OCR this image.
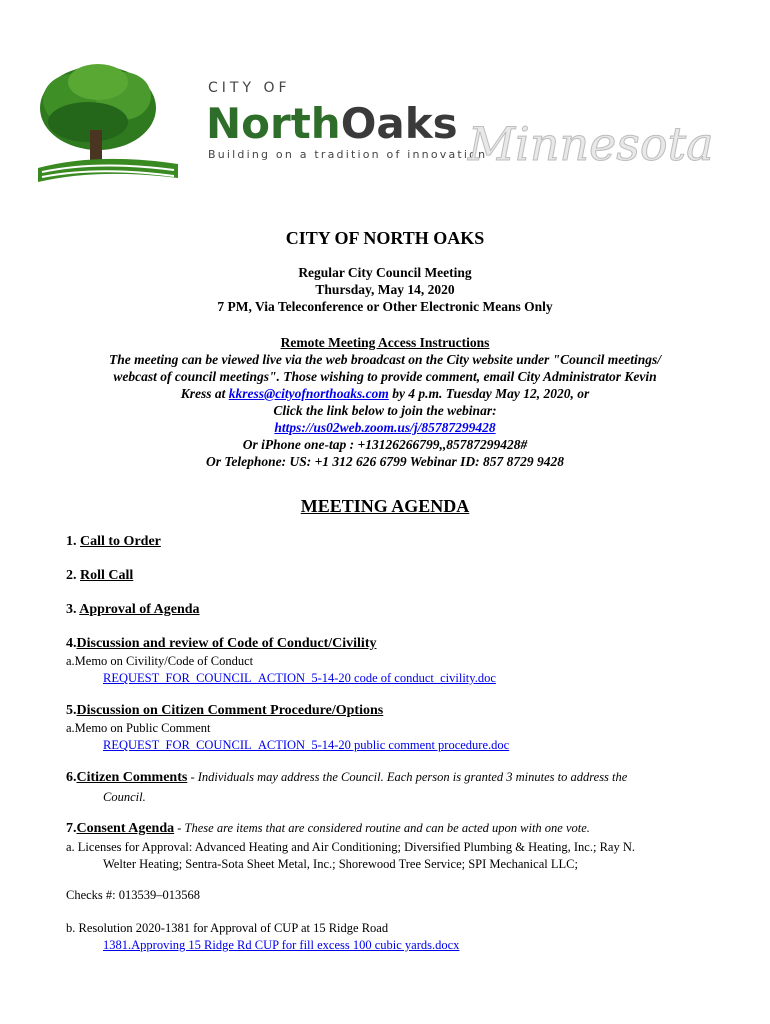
CITY OF
NorthOaks
Building on a tradition of innovation
Minnesota
CITY OF NORTH OAKS
Regular City Council Meeting
Thursday, May 14, 2020
7 PM, Via Teleconference or Other Electronic Means Only
Remote Meeting Access Instructions
The meeting can be viewed live via the web broadcast on the City website under "Council meetings/
webcast of council meetings". Those wishing to provide comment, email City Administrator Kevin
Kress at kkress@cityofnorthoaks.com by 4 p.m. Tuesday May 12, 2020, or
Click the link below to join the webinar:
https://us02web.zoom.us/j/85787299428
Or iPhone one-tap : +13126266799,,85787299428#
Or Telephone: US: +1 312 626 6799 Webinar ID: 857 8729 9428
MEETING AGENDA
1. Call to Order
2. Roll Call
3. Approval of Agenda
4.Discussion and review of Code of Conduct/Civility
a.Memo on Civility/Code of Conduct
REQUEST_FOR_COUNCIL_ACTION_5-14-20 code of conduct_civility.doc
5.Discussion on Citizen Comment Procedure/Options
a.Memo on Public Comment
REQUEST_FOR_COUNCIL_ACTION_5-14-20 public comment procedure.doc
6.Citizen Comments - Individuals may address the Council. Each person is granted 3 minutes to address the
Council.
7.Consent Agenda - These are items that are considered routine and can be acted upon with one vote.
a. Licenses for Approval: Advanced Heating and Air Conditioning; Diversified Plumbing & Heating, Inc.; Ray N.
Welter Heating; Sentra-Sota Sheet Metal, Inc.; Shorewood Tree Service; SPI Mechanical LLC;
Checks #: 013539–013568
b. Resolution 2020-1381 for Approval of CUP at 15 Ridge Road
1381.Approving 15 Ridge Rd CUP for fill excess 100 cubic yards.docx
